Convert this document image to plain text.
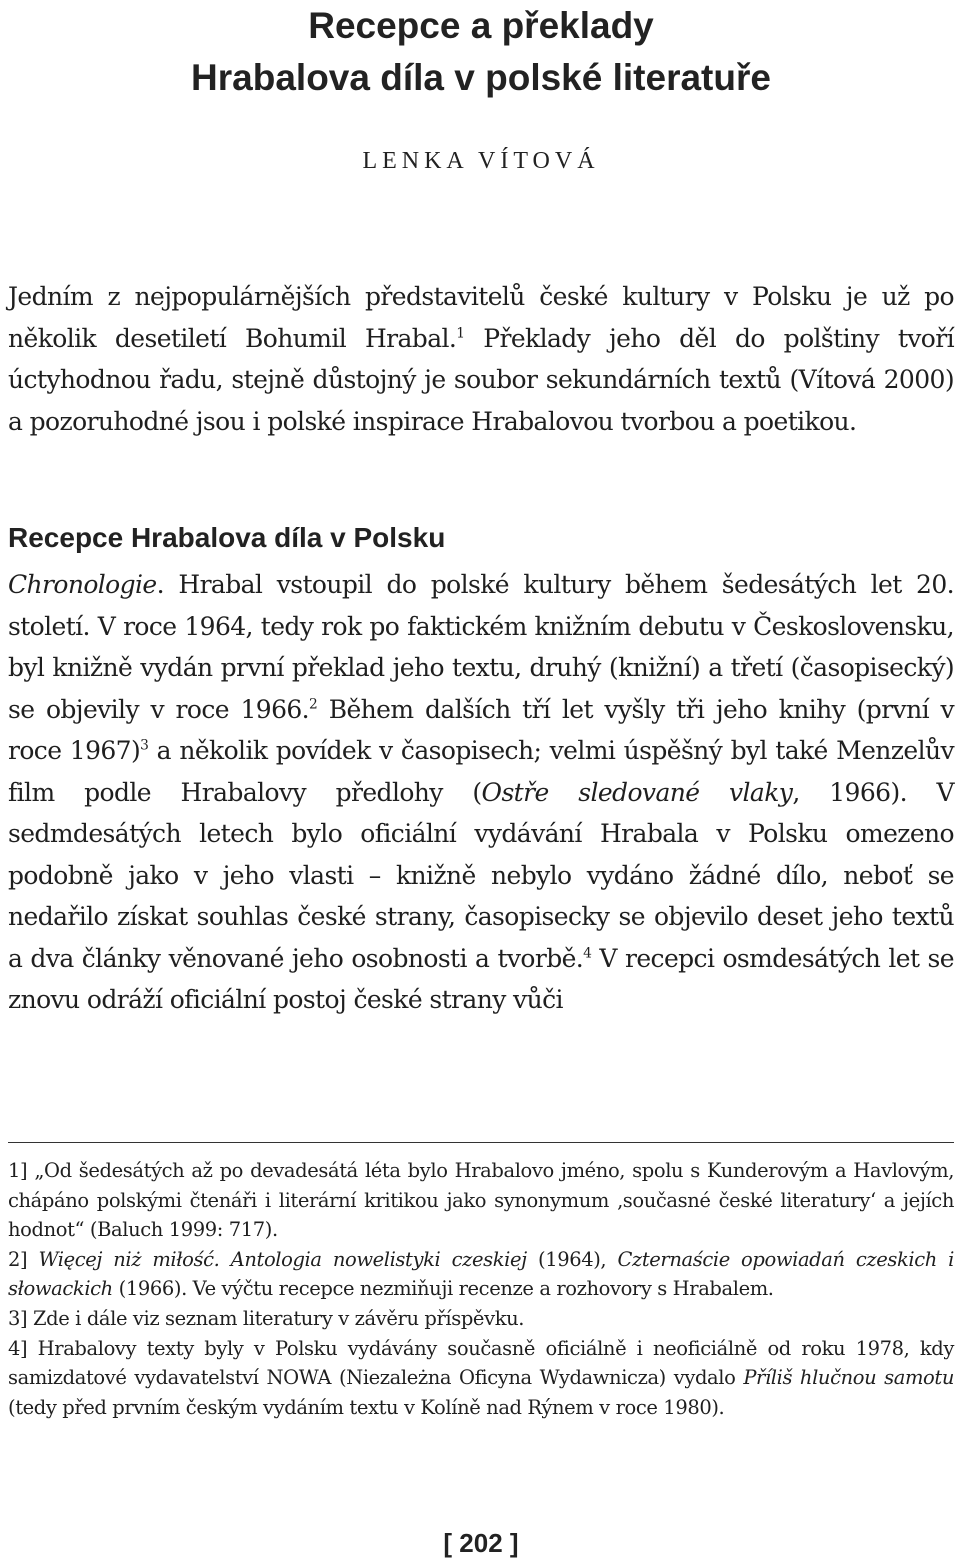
Recepce a překlady
Hrabalova díla v polské literatuře
LENKA VÍTOVÁ

Jedním z nejpopulárnějších představitelů české kultury v Polsku je už po několik desetiletí Bohumil Hrabal.$^1$ Překlady jeho děl do polštiny tvoří úctyhodnou řadu, stejně důstojný je soubor sekundárních textů (Vítová 2000) a pozoruhodné jsou i polské inspirace Hrabalovou tvorbou a poetikou.

Recepce Hrabalova díla v Polsku

Chronologie. Hrabal vstoupil do polské kultury během šedesátých let 20. století. V roce 1964, tedy rok po faktickém knižním debutu v Československu, byl knižně vydán první překlad jeho textu, druhý (knižní) a třetí (časopisecký) se objevily v roce 1966.$^2$ Během dalších tří let vyšly tři jeho knihy (první v roce 1967)$^3$ a několik povídek v časopisech; velmi úspěšný byl také Menzelův film podle Hrabalovy předlohy (Ostře sledované vlaky, 1966). V sedmdesátých letech bylo oficiální vydávání Hrabala v Polsku omezeno podobně jako v jeho vlasti – knižně nebylo vydáno žádné dílo, neboť se nedařilo získat souhlas české strany, časopisecky se objevilo deset jeho textů a dva články věnované jeho osobnosti a tvorbě.$^4$ V recepci osmdesátých let se znovu odráží oficiální postoj české strany vůči

1] „Od šedesátých až po devadesátá léta bylo Hrabalovo jméno, spolu s Kunderovým a Havlovým, chápáno polskými čtenáři i literární kritikou jako synonymum ‚současné české literatury‘ a jejích hodnot“ (Baluch 1999: 717).

2] Więcej niż miłość. Antologia nowelistyki czeskiej (1964), Czternaście opowiadań czeskich i słowackich (1966). Ve výčtu recepce nezmiňuji recenze a rozhovory s Hrabalem.

3] Zde i dále viz seznam literatury v závěru příspěvku.

4] Hrabalovy texty byly v Polsku vydávány současně oficiálně i neoficiálně od roku 1978, kdy samizdatové vydavatelství NOWA (Niezależna Oficyna Wydawnicza) vydalo Příliš hlučnou samotu (tedy před prvním českým vydáním textu v Kolíně nad Rýnem v roce 1980).

[ 202 ]
